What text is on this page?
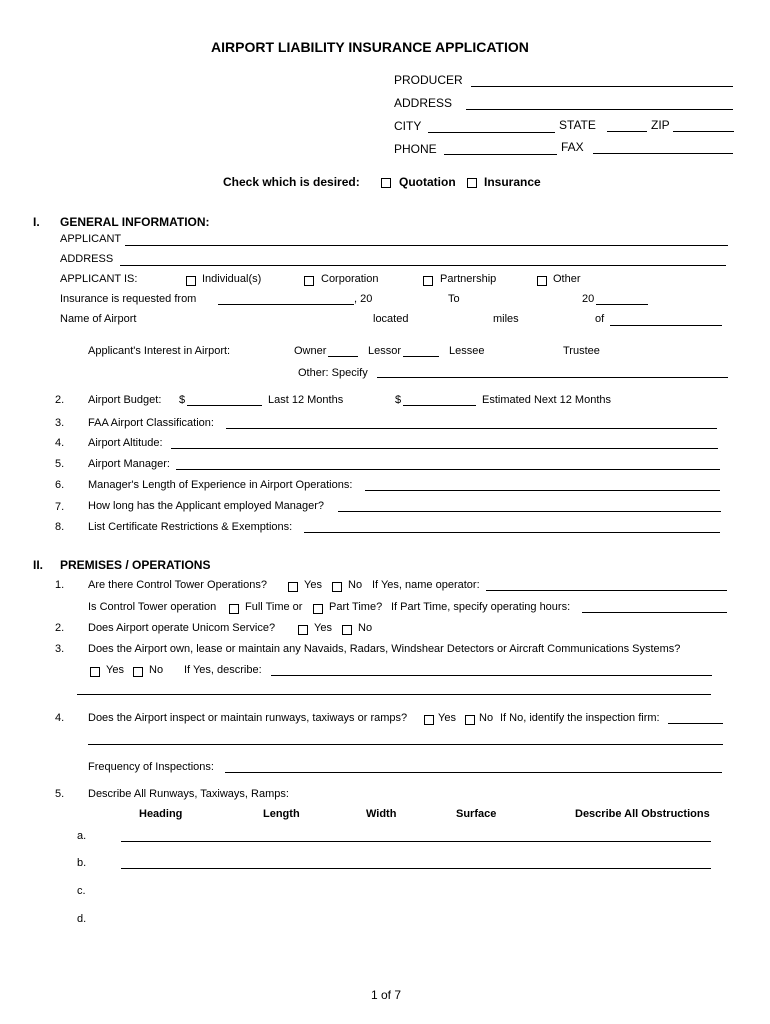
AIRPORT LIABILITY INSURANCE APPLICATION
PRODUCER
ADDRESS
CITY	STATE	ZIP
PHONE	FAX
Check which is desired:	Quotation Insurance
I. GENERAL INFORMATION:
APPLICANT
ADDRESS
APPLICANT IS:	Individual(s)	Corporation	Partnership	Other
Insurance is requested from	, 20	To	20
Name of Airport	located	miles	of
Applicant's Interest in Airport:	Owner	Lessor	Lessee	Trustee
Other: Specify
2. Airport Budget: $	Last 12 Months	$	Estimated Next 12 Months
3. FAA Airport Classification:
4. Airport Altitude:
5. Airport Manager:
6. Manager's Length of Experience in Airport Operations:
7. How long has the Applicant employed Manager?
8. List Certificate Restrictions & Exemptions:
II. PREMISES / OPERATIONS
1. Are there Control Tower Operations?	Yes No If Yes, name operator:
Is Control Tower operation	Full Time or Part Time? If Part Time, specify operating hours:
2. Does Airport operate Unicom Service?	Yes No
3. Does the Airport own, lease or maintain any Navaids, Radars, Windshear Detectors or Aircraft Communications Systems?
Yes No If Yes, describe:
4. Does the Airport inspect or maintain runways, taxiways or ramps?	Yes No If No, identify the inspection firm:
Frequency of Inspections:
5. Describe All Runways, Taxiways, Ramps:
Heading	Length	Width	Surface	Describe All Obstructions
a.
b.
c.
d.
1 of 7
